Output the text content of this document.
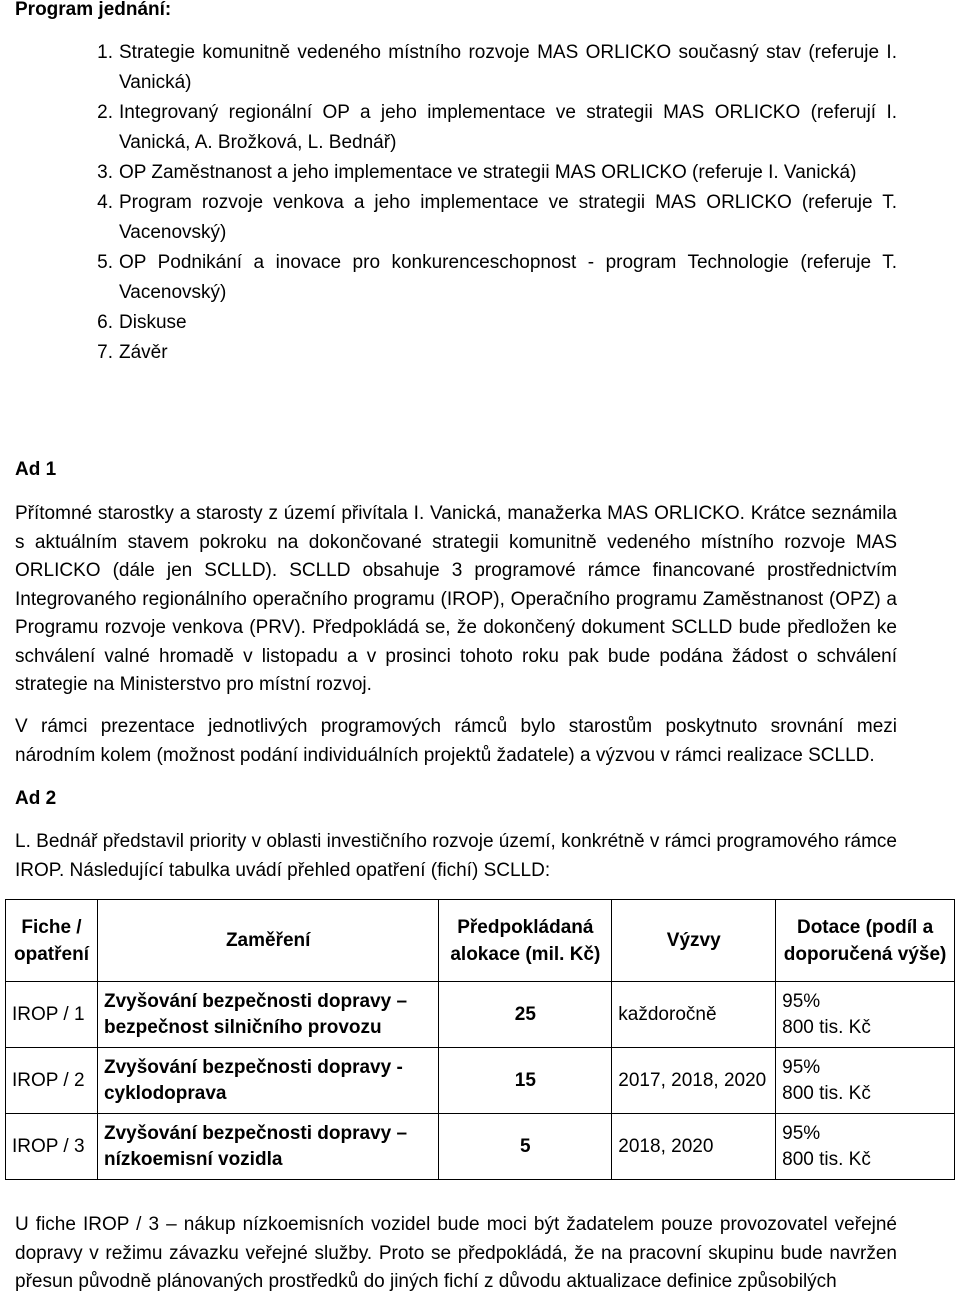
Program jednání:

1. Strategie komunitně vedeného místního rozvoje MAS ORLICKO současný stav (referuje I. Vanická)
2. Integrovaný regionální OP a jeho implementace ve strategii MAS ORLICKO (referují I. Vanická, A. Brožková, L. Bednář)
3. OP Zaměstnanost a jeho implementace ve strategii MAS ORLICKO (referuje I. Vanická)
4. Program rozvoje venkova a jeho implementace ve strategii MAS ORLICKO (referuje T. Vacenovský)
5. OP Podnikání a inovace pro konkurenceschopnost - program Technologie (referuje T. Vacenovský)
6. Diskuse
7. Závěr

Ad 1

Přítomné starostky a starosty z území přivítala I. Vanická, manažerka MAS ORLICKO. Krátce seznámila s aktuálním stavem pokroku na dokončované strategii komunitně vedeného místního rozvoje MAS ORLICKO (dále jen SCLLD). SCLLD obsahuje 3 programové rámce financované prostřednictvím Integrovaného regionálního operačního programu (IROP), Operačního programu Zaměstnanost (OPZ) a Programu rozvoje venkova (PRV). Předpokládá se, že dokončený dokument SCLLD bude předložen ke schválení valné hromadě v listopadu a v prosinci tohoto roku pak bude podána žádost o schválení strategie na Ministerstvo pro místní rozvoj.

V rámci prezentace jednotlivých programových rámců bylo starostům poskytnuto srovnání mezi národním kolem (možnost podání individuálních projektů žadatele) a výzvou v rámci realizace SCLLD.

Ad 2

L. Bednář představil priority v oblasti investičního rozvoje území, konkrétně v rámci programového rámce IROP. Následující tabulka uvádí přehled opatření (fichí) SCLLD:

U fiche IROP / 3 – nákup nízkoemisních vozidel bude moci být žadatelem pouze provozovatel veřejné dopravy v režimu závazku veřejné služby. Proto se předpokládá, že na pracovní skupinu bude navržen přesun původně plánovaných prostředků do jiných fichí z důvodu aktualizace definice způsobilých

Fiche / opatření	Zaměření	Předpokládaná alokace (mil. Kč)	Výzvy	Dotace (podíl a doporučená výše)
IROP / 1	Zvyšování bezpečnosti dopravy – bezpečnost silničního provozu	25	každoročně	95%
800 tis. Kč

IROP / 2	Zvyšování bezpečnosti dopravy - cyklodoprava	15	2017, 2018, 2020	95%
800 tis. Kč

IROP / 3	Zvyšování bezpečnosti dopravy – nízkoemisní vozidla	5	2018, 2020	95%
800 tis. Kč
